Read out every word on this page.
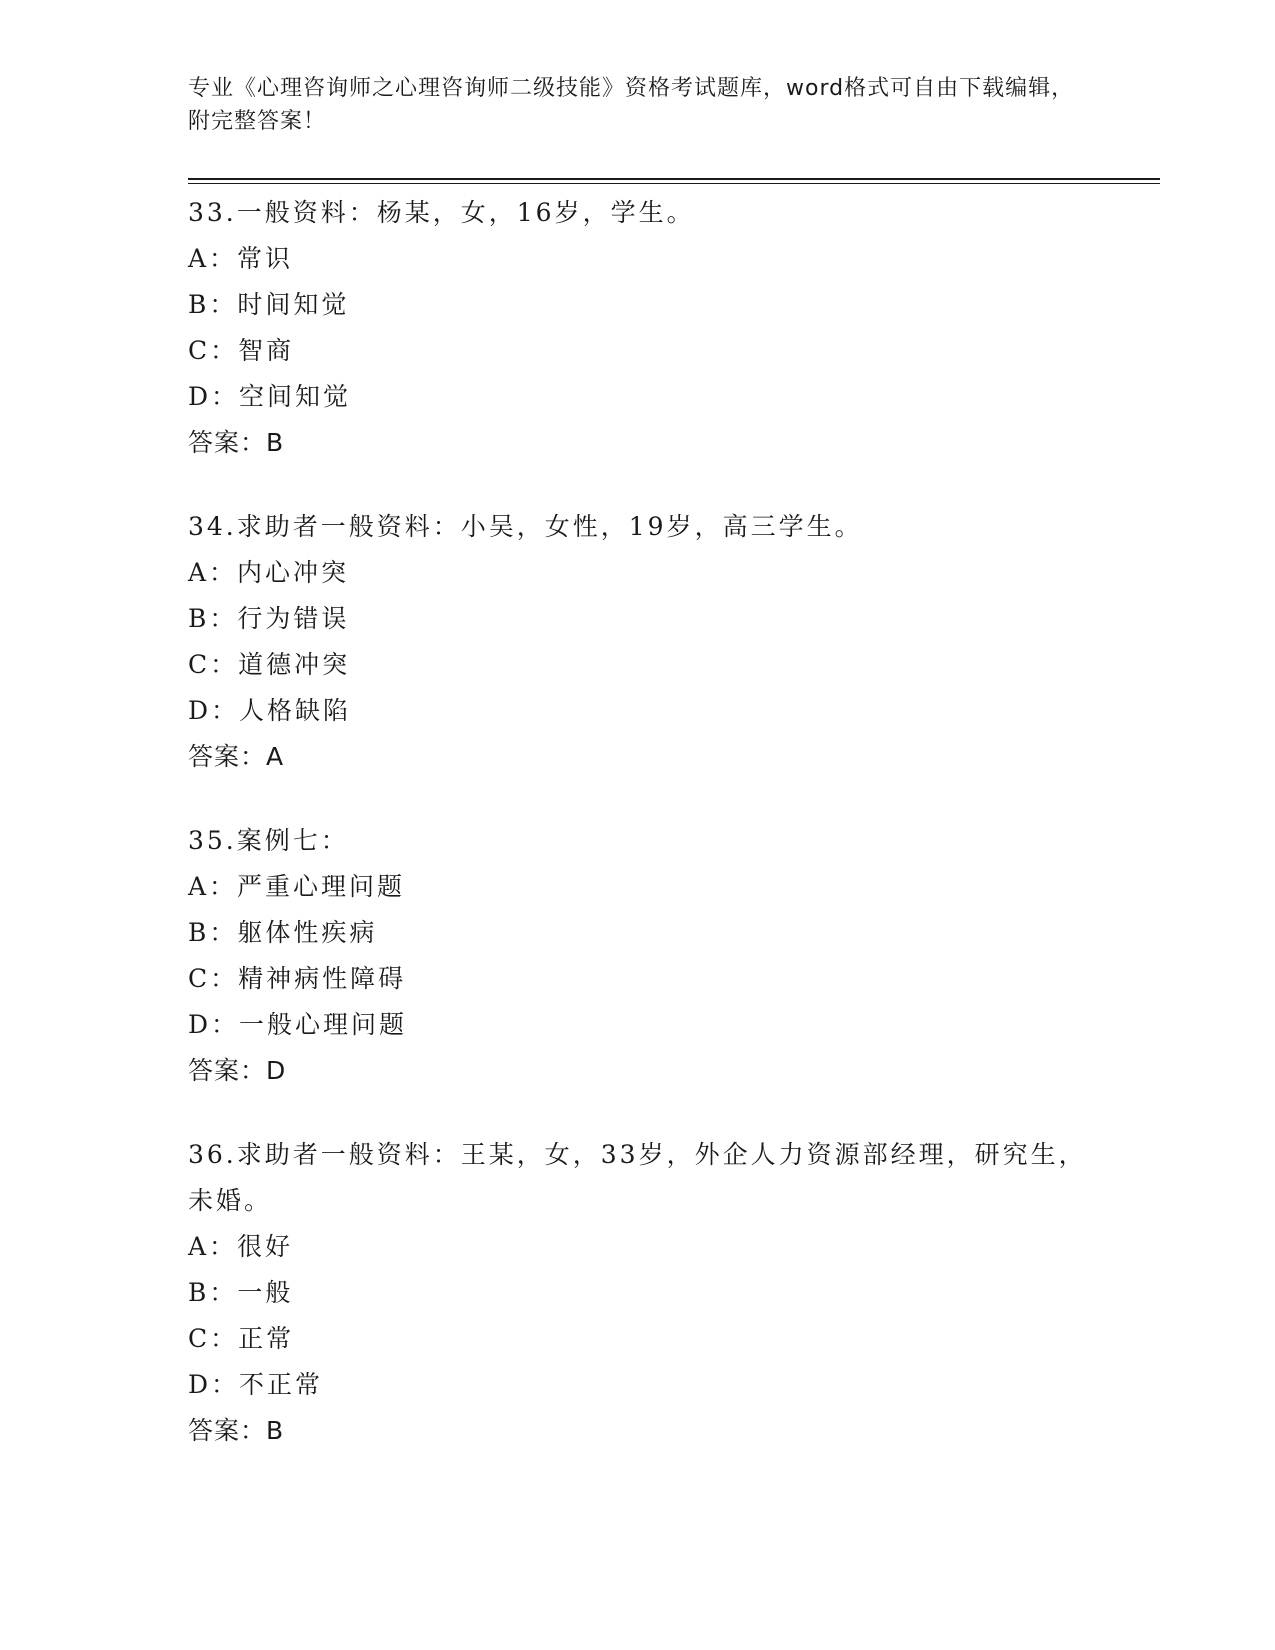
专业《心理咨询师之心理咨询师二级技能》资格考试题库，word格式可自由下载编辑，附完整答案！
33.一般资料：杨某，女，16岁，学生。
A：常识
B：时间知觉
C：智商
D：空间知觉
答案：B
34.求助者一般资料：小吴，女性，19岁，高三学生。
A：内心冲突
B：行为错误
C：道德冲突
D：人格缺陷
答案：A
35.案例七：
A：严重心理问题
B：躯体性疾病
C：精神病性障碍
D：一般心理问题
答案：D
36.求助者一般资料：王某，女，33岁，外企人力资源部经理，研究生，未婚。
A：很好
B：一般
C：正常
D：不正常
答案：B
